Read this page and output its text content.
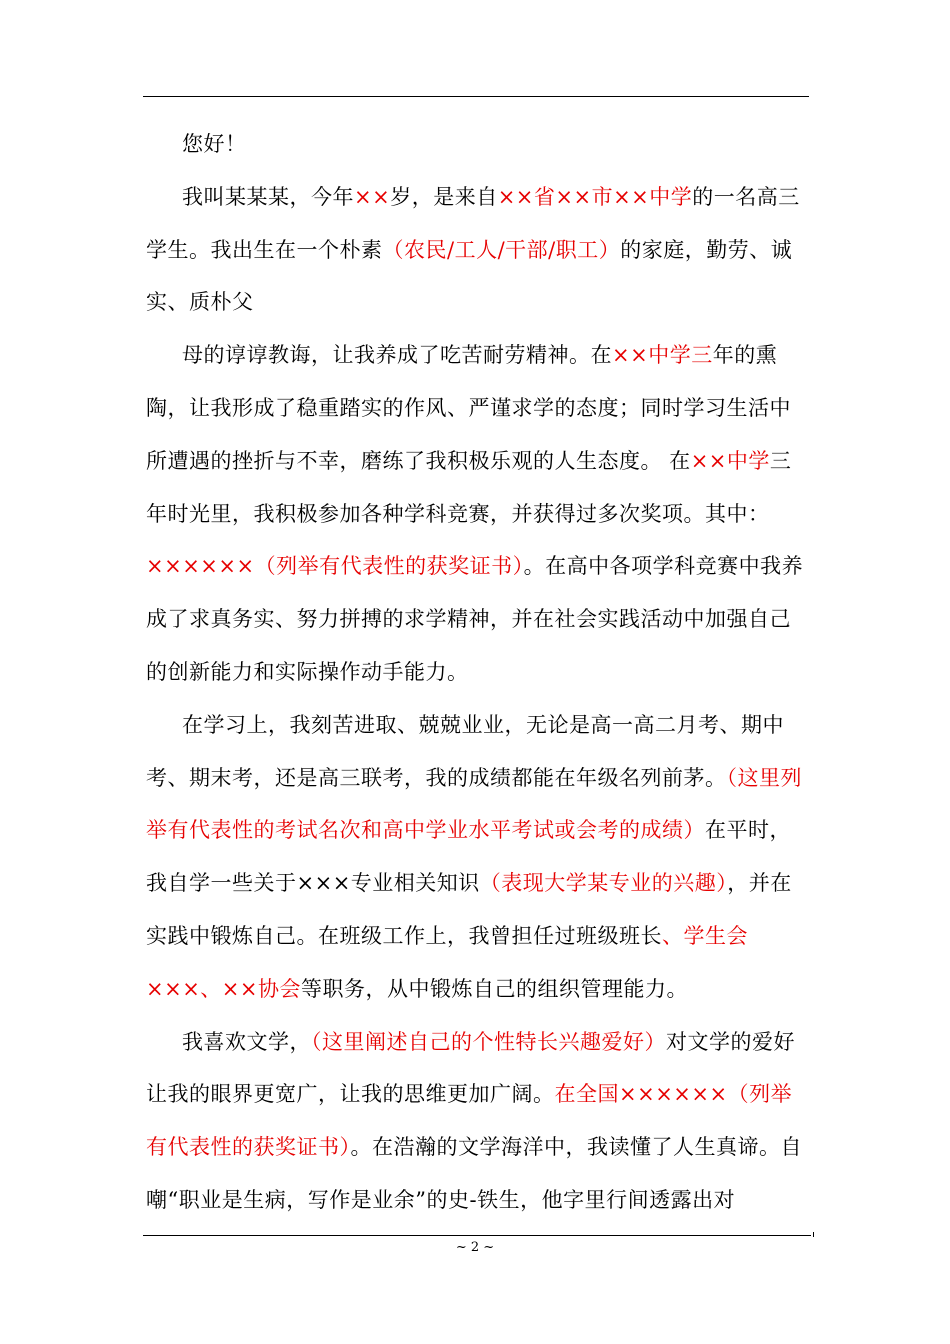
您好！

我叫某某某，今年××岁，是来自××省××市××中学的一名高三学生。我出生在一个朴素（农民/工人/干部/职工）的家庭，勤劳、诚实、质朴父

母的谆谆教诲，让我养成了吃苦耐劳精神。在××中学三年的熏陶，让我形成了稳重踏实的作风、严谨求学的态度；同时学习生活中所遭遇的挫折与不幸，磨练了我积极乐观的人生态度。 在××中学三年时光里，我积极参加各种学科竞赛，并获得过多次奖项。其中：××××××（列举有代表性的获奖证书）。在高中各项学科竞赛中我养成了求真务实、努力拼搏的求学精神，并在社会实践活动中加强自己的创新能力和实际操作动手能力。

在学习上，我刻苦进取、兢兢业业，无论是高一高二月考、期中考、期末考，还是高三联考，我的成绩都能在年级名列前茅。（这里列举有代表性的考试名次和高中学业水平考试或会考的成绩）在平时，我自学一些关于×××专业相关知识（表现大学某专业的兴趣），并在实践中锻炼自己。在班级工作上，我曾担任过班级班长、学生会×××、××协会等职务，从中锻炼自己的组织管理能力。

我喜欢文学，（这里阐述自己的个性特长兴趣爱好）对文学的爱好让我的眼界更宽广，让我的思维更加广阔。在全国××××××（列举有代表性的获奖证书）。在浩瀚的文学海洋中，我读懂了人生真谛。自嘲“职业是生病，写作是业余”的史-铁生，他字里行间透露出对

~ 2 ~
